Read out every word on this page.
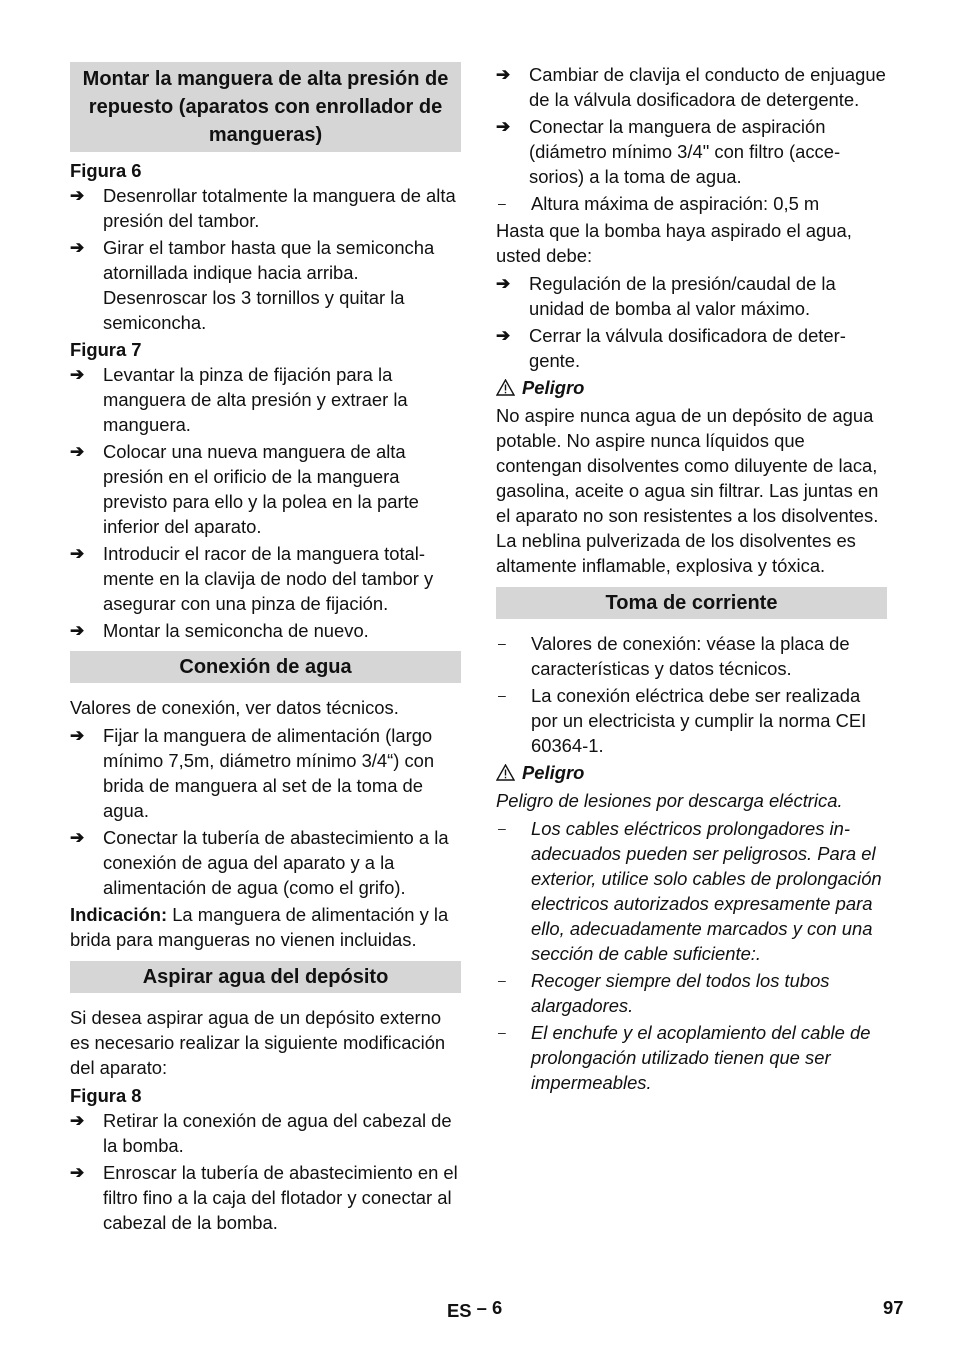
Montar la manguera de alta presión de repuesto (aparatos con enrollador de mangueras)

Figura 6

➔	Desenrollar totalmente la manguera de alta presión del tambor.
➔	Girar el tambor hasta que la semiconcha atornillada indique hacia arriba. Desenroscar los 3 tornillos y quitar la semiconcha.

Figura 7

➔	Levantar la pinza de fijación para la manguera de alta presión y extraer la manguera.
➔	Colocar una nueva manguera de alta presión en el orificio de la manguera previsto para ello y la polea en la parte inferior del aparato.
➔	Introducir el racor de la manguera totalmente en la clavija de nodo del tambor y asegurar con una pinza de fijación.
➔	Montar la semiconcha de nuevo.
Conexión de agua

Valores de conexión, ver datos técnicos.

➔	Fijar la manguera de alimentación (largo mínimo 7,5m, diámetro mínimo 3/4“) con brida de manguera al set de la toma de agua.
➔	Conectar la tubería de abastecimiento a la conexión de agua del aparato y a la alimentación de agua (como el grifo).

Indicación: La manguera de alimentación y la brida para mangueras no vienen incluidas.

Aspirar agua del depósito

Si desea aspirar agua de un depósito externo es necesario realizar la siguiente modificación del aparato:

Figura 8

➔	Retirar la conexión de agua del cabezal de la bomba.
➔	Enroscar la tubería de abastecimiento en el filtro fino a la caja del flotador y conectar al cabezal de la bomba.
➔	Cambiar de clavija el conducto de enjuague de la válvula dosificadora de detergente.
➔	Conectar la manguera de aspiración (diámetro mínimo 3/4" con filtro (accesorios) a la toma de agua.
–	Altura máxima de aspiración: 0,5 m

Hasta que la bomba haya aspirado el agua, usted debe:

➔	Regulación de la presión/caudal de la unidad de bomba al valor máximo.
➔	Cerrar la válvula dosificadora de detergente.
Peligro

No aspire nunca agua de un depósito de agua potable. No aspire nunca líquidos que contengan disolventes como diluyente de laca, gasolina, aceite o agua sin filtrar. Las juntas en el aparato no son resistentes a los disolventes. La neblina pulverizada de los disolventes es altamente inflamable, explosiva y tóxica.

Toma de corriente
–	Valores de conexión: véase la placa de características y datos técnicos.
–	La conexión eléctrica debe ser realizada por un electricista y cumplir la norma CEI 60364-1.
Peligro

Peligro de lesiones por descarga eléctrica.

–	Los cables eléctricos prolongadores inadecuados pueden ser peligrosos. Para el exterior, utilice solo cables de prolongación electricos autorizados expresamente para ello, adecuadamente marcados y con una sección de cable suficiente:.
–	Recoger siempre del todos los tubos alargadores.
–	El enchufe y el acoplamiento del cable de prolongación utilizado tienen que ser impermeables.
ES – 6	97
